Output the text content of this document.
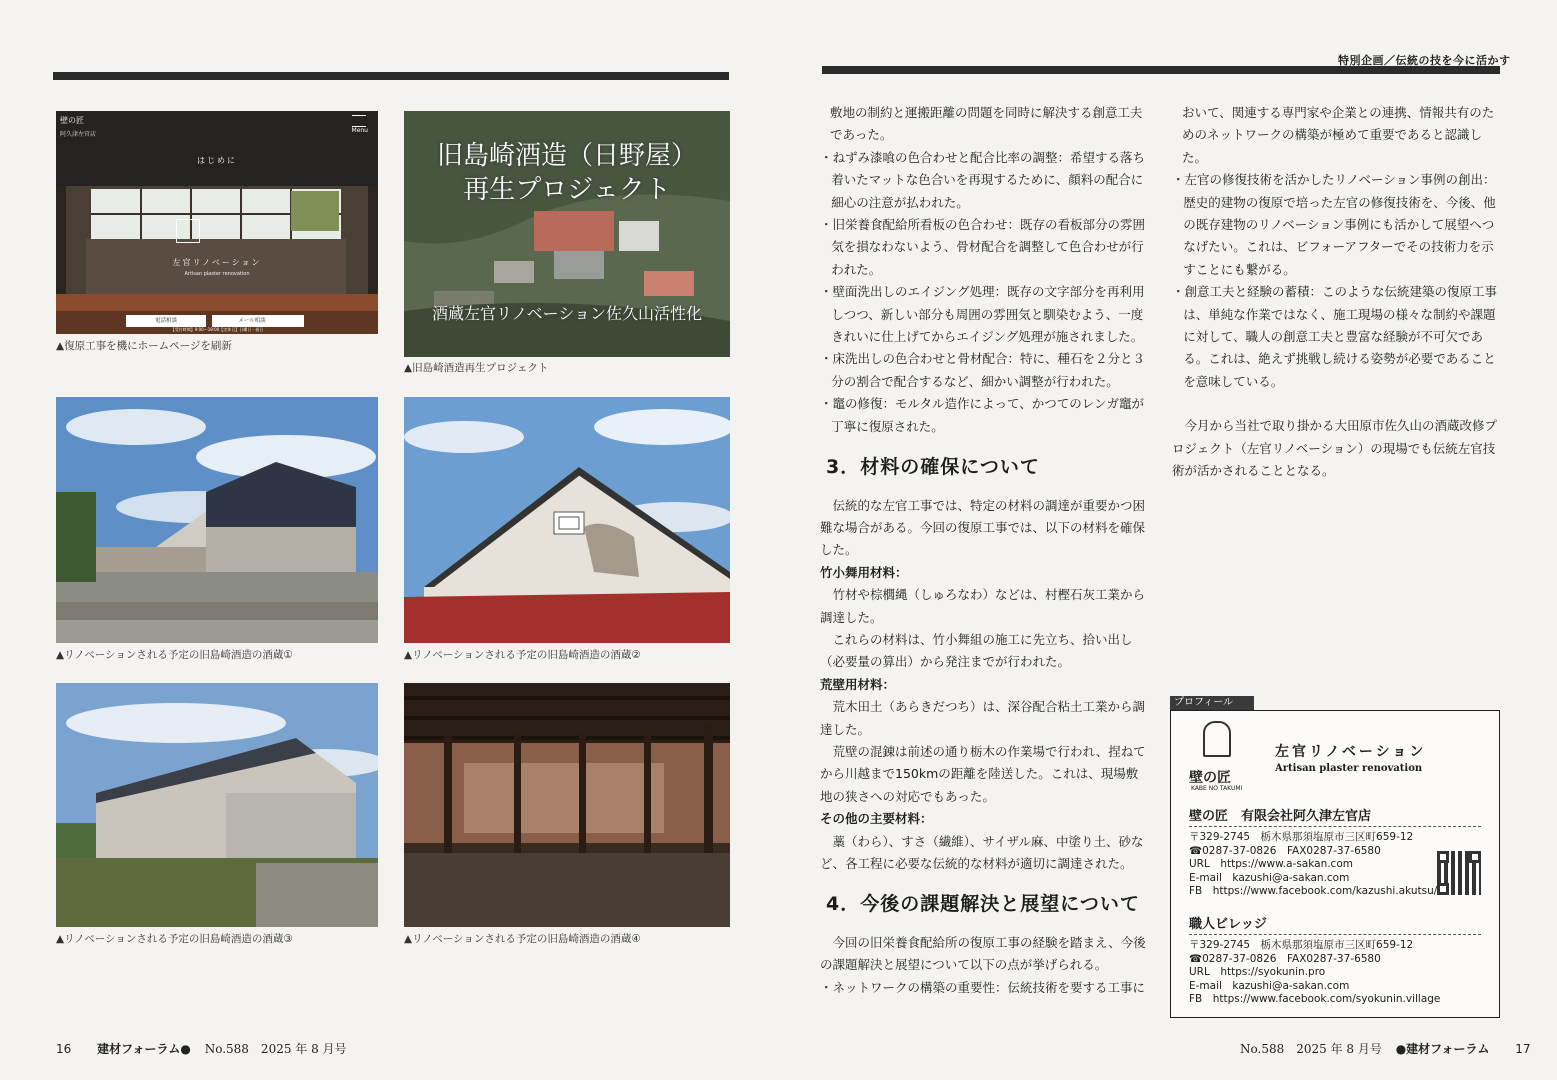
特別企画／伝統の技を今に活かす
壁の匠
阿久津左官店
Menu
はじめに
左官リノベーション
Artisan plaster renovation
電話相談	メール相談
【受付時間】9:00〜18:00【定休日】日曜日・祝日
▲復原工事を機にホームページを刷新
旧島崎酒造（日野屋）
再生プロジェクト
酒蔵左官リノベーション佐久山活性化
▲旧島崎酒造再生プロジェクト
▲リノベーションされる予定の旧島崎酒造の酒蔵①	▲リノベーションされる予定の旧島崎酒造の酒蔵②
▲リノベーションされる予定の旧島崎酒造の酒蔵③	▲リノベーションされる予定の旧島崎酒造の酒蔵④

敷地の制約と運搬距離の問題を同時に解決する創意工夫であった。

・ねずみ漆喰の色合わせと配合比率の調整：希望する落ち着いたマットな色合いを再現するために、顔料の配合に細心の注意が払われた。

・旧栄養食配給所看板の色合わせ：既存の看板部分の雰囲気を損なわないよう、骨材配合を調整して色合わせが行われた。

・壁面洗出しのエイジング処理：既存の文字部分を再利用しつつ、新しい部分も周囲の雰囲気と馴染むよう、一度きれいに仕上げてからエイジング処理が施されました。

・床洗出しの色合わせと骨材配合：特に、種石を２分と３分の割合で配合するなど、細かい調整が行われた。

・竈の修復：モルタル造作によって、かつてのレンガ竈が丁寧に復原された。

3．材料の確保について

伝統的な左官工事では、特定の材料の調達が重要かつ困難な場合がある。今回の復原工事では、以下の材料を確保した。

竹小舞用材料：

竹材や棕櫚縄（しゅろなわ）などは、村樫石灰工業から調達した。

これらの材料は、竹小舞組の施工に先立ち、拾い出し（必要量の算出）から発注までが行われた。

荒壁用材料：

荒木田土（あらきだつち）は、深谷配合粘土工業から調達した。

荒壁の混錬は前述の通り栃木の作業場で行われ、捏ねてから川越まで150kmの距離を陸送した。これは、現場敷地の狭さへの対応でもあった。

その他の主要材料：

藁（わら）、すさ（繊維）、サイザル麻、中塗り土、砂など、各工程に必要な伝統的な材料が適切に調達された。

4．今後の課題解決と展望について

今回の旧栄養食配給所の復原工事の経験を踏まえ、今後の課題解決と展望について以下の点が挙げられる。

・ネットワークの構築の重要性：伝統技術を要する工事に

おいて、関連する専門家や企業との連携、情報共有のためのネットワークの構築が極めて重要であると認識した。

・左官の修復技術を活かしたリノベーション事例の創出：歴史的建物の復原で培った左官の修復技術を、今後、他の既存建物のリノベーション事例にも活かして展望へつなげたい。これは、ビフォーアフターでその技術力を示すことにも繋がる。

・創意工夫と経験の蓄積：このような伝統建築の復原工事は、単純な作業ではなく、施工現場の様々な制約や課題に対して、職人の創意工夫と豊富な経験が不可欠である。これは、絶えず挑戦し続ける姿勢が必要であることを意味している。

今月から当社で取り掛かる大田原市佐久山の酒蔵改修プロジェクト（左官リノベーション）の現場でも伝統左官技術が活かされることとなる。

プロフィール
壁の匠
KABE NO TAKUMI
左官リノベーション
Artisan plaster renovation
壁の匠　有限会社阿久津左官店
〒329-2745　栃木県那須塩原市三区町659-12
☎0287-37-0826　FAX0287-37-6580
URL　https://www.a-sakan.com
E-mail　kazushi@a-sakan.com
FB　https://www.facebook.com/kazushi.akutsu/
職人ビレッジ
〒329-2745　栃木県那須塩原市三区町659-12
☎0287-37-0826　FAX0287-37-6580
URL　https://syokunin.pro
E-mail　kazushi@a-sakan.com
FB　https://www.facebook.com/syokunin.village
16 建材フォーラム● No.588　2025 年 8 月号	No.588　2025 年 8 月号 ●建材フォーラム 17
